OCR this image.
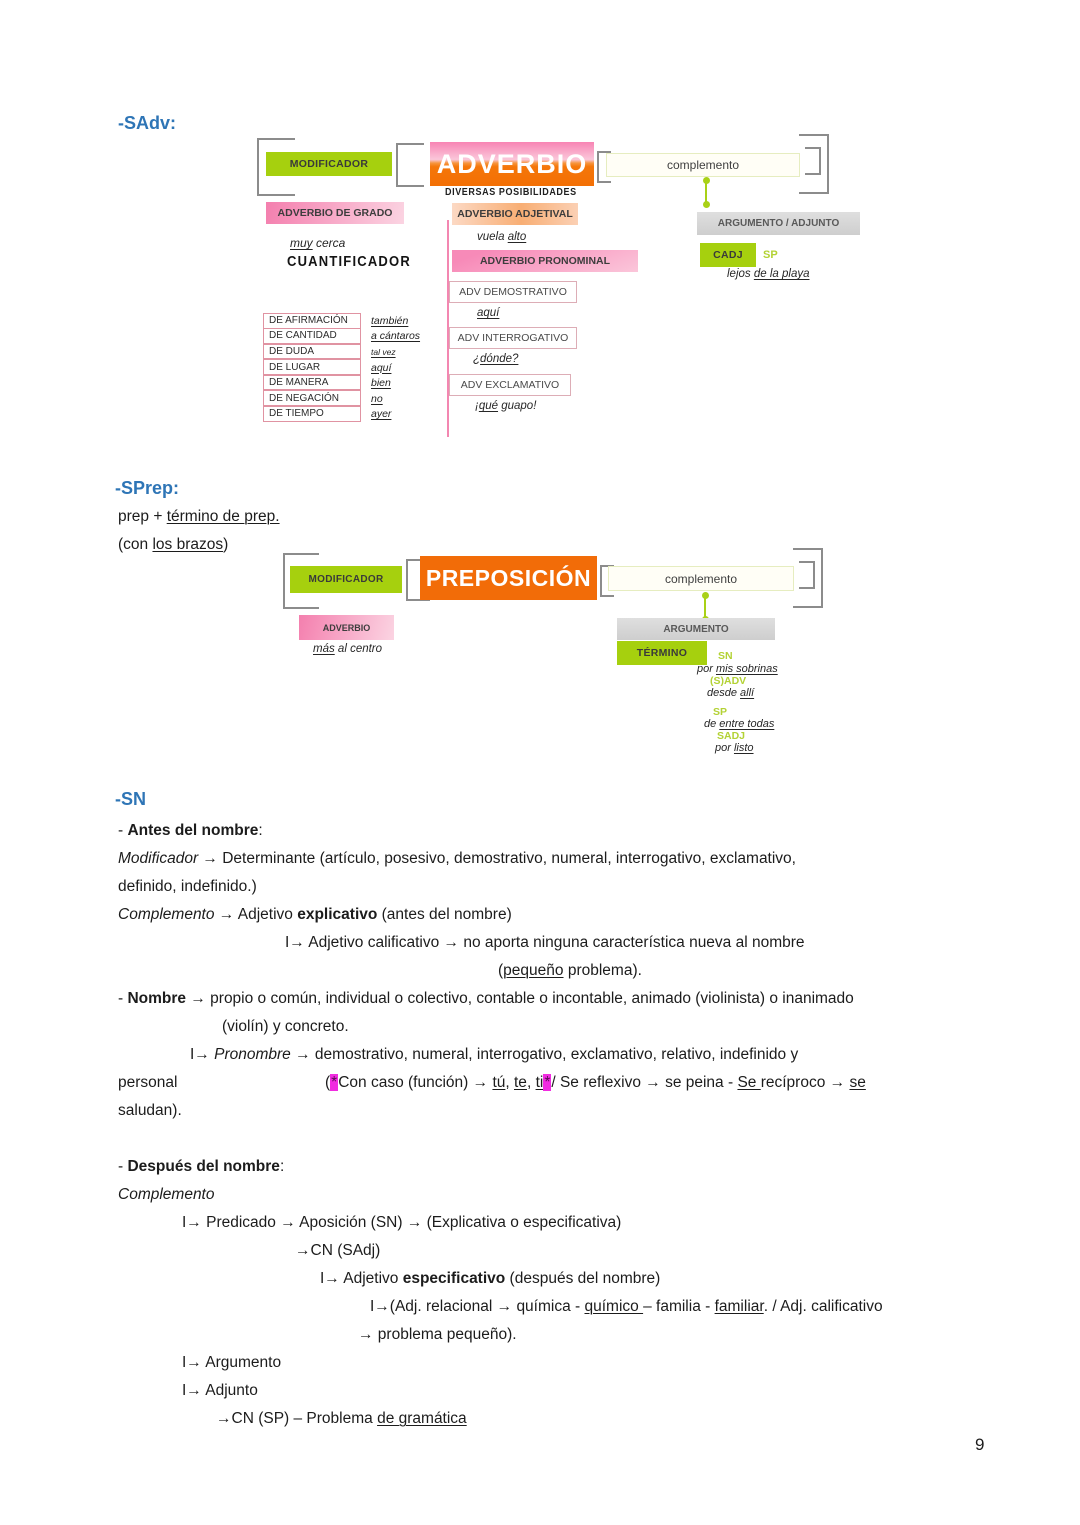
-SAdv:
MODIFICADOR	ADVERBIO
DIVERSAS POSIBILIDADES
complemento
ADVERBIO DE GRADO
muy cerca
CUANTIFICADOR
ADVERBIO ADJETIVAL
vuela alto
ADVERBIO PRONOMINAL
ADV DEMOSTRATIVO
aquí
ADV INTERROGATIVO
¿dónde?
ADV EXCLAMATIVO
¡qué guapo!
DE AFIRMACIÓN	también
DE CANTIDAD	a cántaros
DE DUDA	tal vez
DE LUGAR	aquí
DE MANERA	bien
DE NEGACIÓN	no
DE TIEMPO	ayer
ARGUMENTO / ADJUNTO
CADJ SP
lejos de la playa
-SPrep:
prep + término de prep.
(con los brazos)
MODIFICADOR PREPOSICIÓN	complemento
ADVERBIO
más al centro
ARGUMENTO
TÉRMINO	SN
por mis sobrinas
(S)ADV
desde allí
SP
de entre todas
SADJ
por listo
-SN
- Antes del nombre:
Modificador → Determinante (artículo, posesivo, demostrativo, numeral, interrogativo, exclamativo,
definido, indefinido.)
Complemento → Adjetivo explicativo (antes del nombre)
I→ Adjetivo calificativo → no aporta ninguna característica nueva al nombre
(pequeño problema).
- Nombre → propio o común, individual o colectivo, contable o incontable, animado (violinista) o inanimado
(violín) y concreto.
I→ Pronombre → demostrativo, numeral, interrogativo, exclamativo, relativo, indefinido y
personal	(*Con caso (función) → tú, te, ti*/ Se reflexivo → se peina - Se recíproco → se
saludan).
- Después del nombre:
Complemento
I→ Predicado → Aposición (SN) → (Explicativa o especificativa)
→CN (SAdj)
I→ Adjetivo especificativo (después del nombre)
I→(Adj. relacional → química - químico – familia - familiar. / Adj. calificativo
→ problema pequeño).
I→ Argumento
I→ Adjunto
→CN (SP) – Problema de gramática
9
